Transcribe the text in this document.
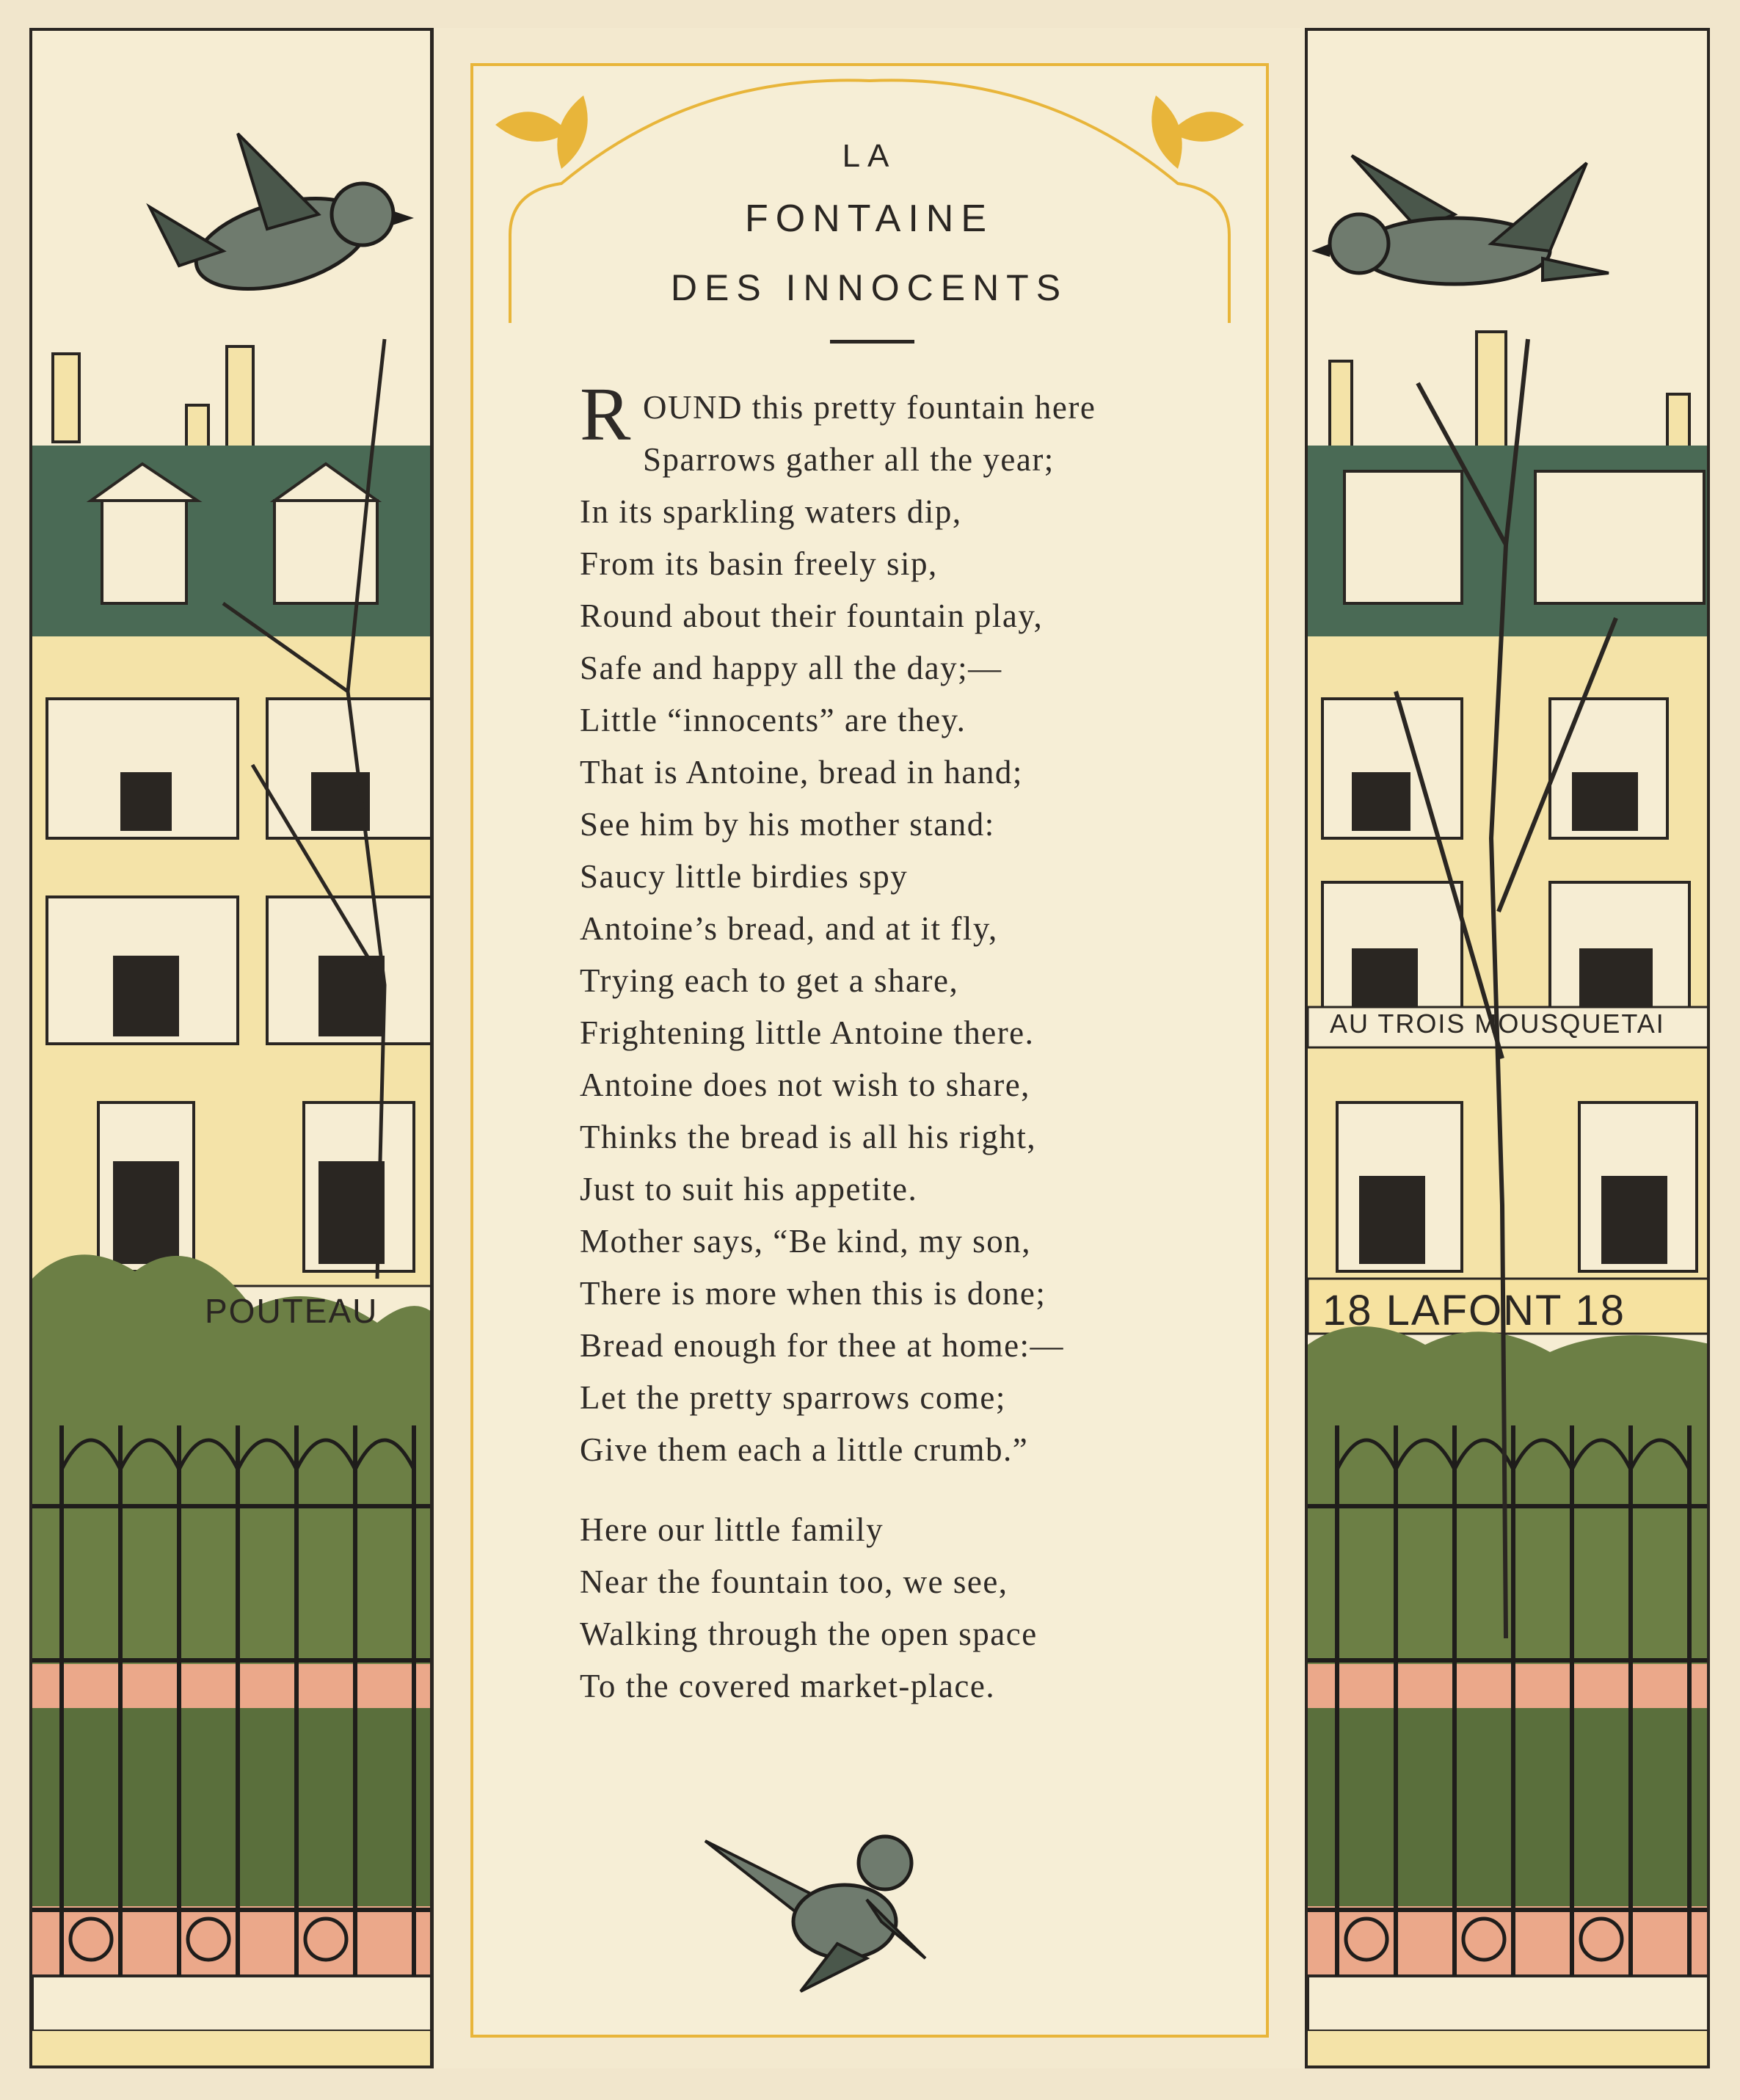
POUTEAU
LA
FONTAINE
DES INNOCENTS
R OUND this pretty fountain here
Sparrows gather all the year;
In its sparkling waters dip,
From its basin freely sip,
Round about their fountain play,
Safe and happy all the day;—
Little “innocents” are they.
That is Antoine, bread in hand;
See him by his mother stand:
Saucy little birdies spy
Antoine’s bread, and at it fly,
Trying each to get a share,
Frightening little Antoine there.
Antoine does not wish to share,
Thinks the bread is all his right,
Just to suit his appetite.
Mother says, “Be kind, my son,
There is more when this is done;
Bread enough for thee at home:—
Let the pretty sparrows come;
Give them each a little crumb.”
Here our little family
Near the fountain too, we see,
Walking through the open space
To the covered market-place.
AU TROIS MOUSQUETAI
18 LAFONT 18
